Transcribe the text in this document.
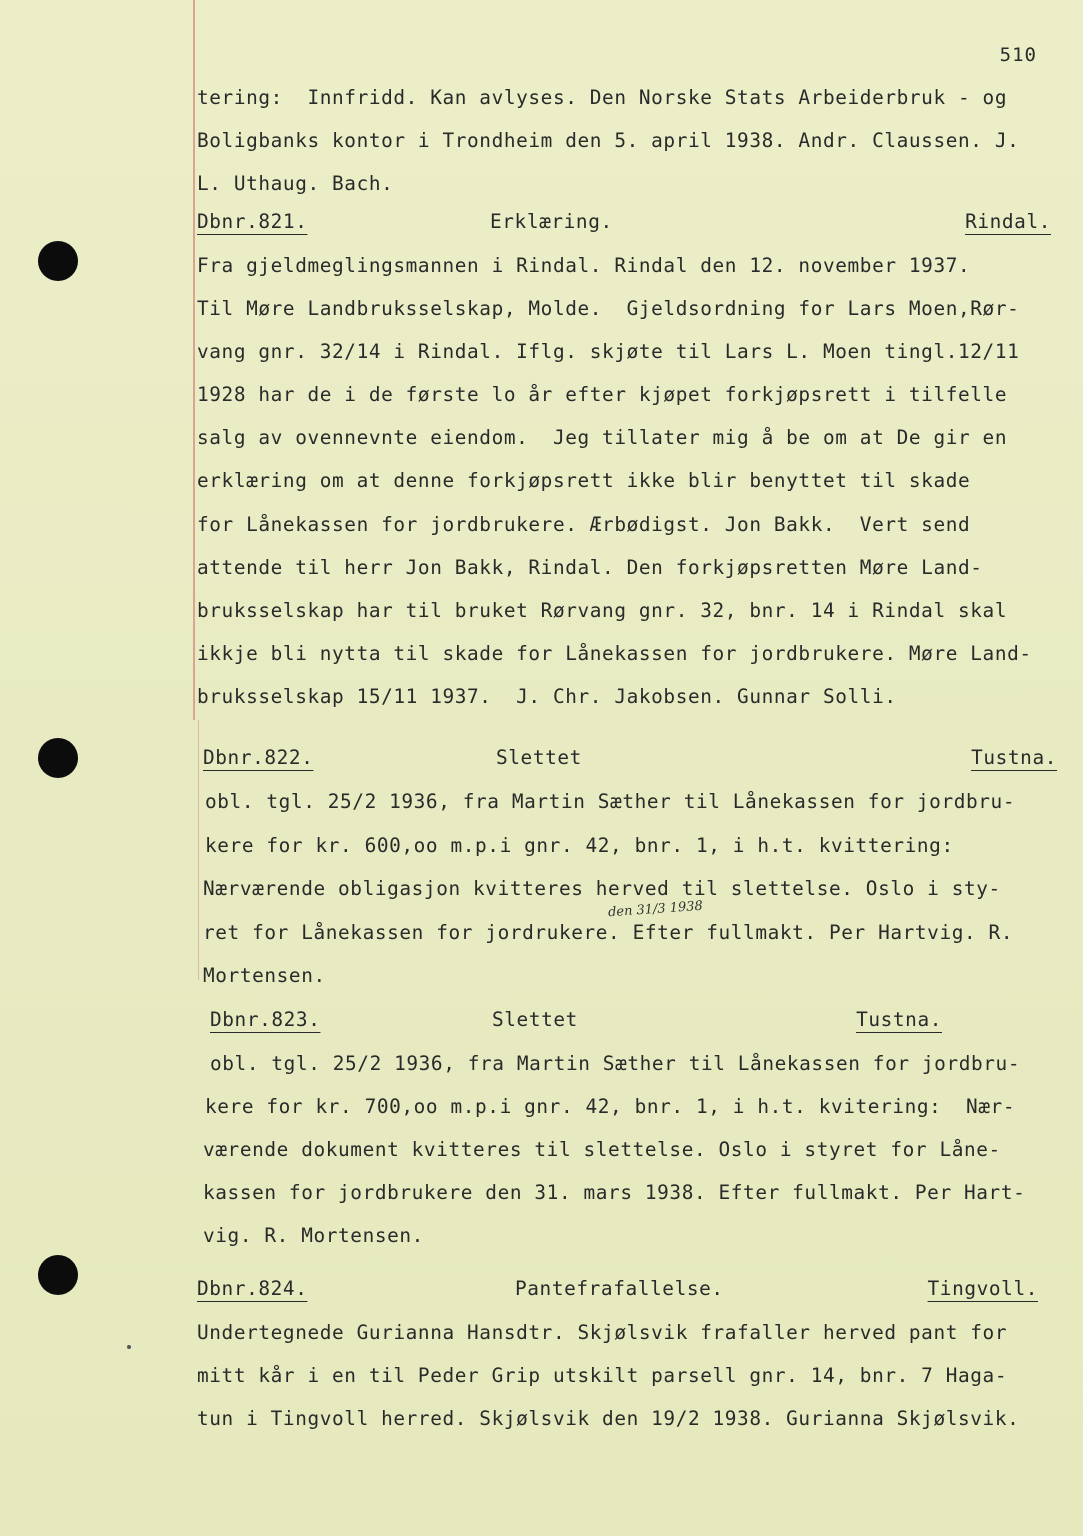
510
tering:  Innfridd. Kan avlyses. Den Norske Stats Arbeiderbruk - og
Boligbanks kontor i Trondheim den 5. april 1938. Andr. Claussen. J.
L. Uthaug. Bach.
Dbnr.821.	Erklæring.	Rindal.
Fra gjeldmeglingsmannen i Rindal. Rindal den 12. november 1937.
Til Møre Landbruksselskap, Molde.  Gjeldsordning for Lars Moen,Rør-
vang gnr. 32/14 i Rindal. Iflg. skjøte til Lars L. Moen tingl.12/11
1928 har de i de første lo år efter kjøpet forkjøpsrett i tilfelle
salg av ovennevnte eiendom.  Jeg tillater mig å be om at De gir en
erklæring om at denne forkjøpsrett ikke blir benyttet til skade
for Lånekassen for jordbrukere. Ærbødigst. Jon Bakk.  Vert send
attende til herr Jon Bakk, Rindal. Den forkjøpsretten Møre Land-
bruksselskap har til bruket Rørvang gnr. 32, bnr. 14 i Rindal skal
ikkje bli nytta til skade for Lånekassen for jordbrukere. Møre Land-
bruksselskap 15/11 1937.  J. Chr. Jakobsen. Gunnar Solli.
Dbnr.822.	Slettet	Tustna.
obl. tgl. 25/2 1936, fra Martin Sæther til Lånekassen for jordbru-
kere for kr. 600,oo m.p.i gnr. 42, bnr. 1, i h.t. kvittering:
Nærværende obligasjon kvitteres herved til slettelse. Oslo i sty-
ret for Lånekassen for jordrukere. Efter fullmakt. Per Hartvig. R.
Mortensen.
den 31/3 1938
Dbnr.823.	Slettet	Tustna.
obl. tgl. 25/2 1936, fra Martin Sæther til Lånekassen for jordbru-
kere for kr. 700,oo m.p.i gnr. 42, bnr. 1, i h.t. kvitering:  Nær-
værende dokument kvitteres til slettelse. Oslo i styret for Låne-
kassen for jordbrukere den 31. mars 1938. Efter fullmakt. Per Hart-
vig. R. Mortensen.
Dbnr.824.	Pantefrafallelse.	Tingvoll.
Undertegnede Gurianna Hansdtr. Skjølsvik frafaller herved pant for
mitt kår i en til Peder Grip utskilt parsell gnr. 14, bnr. 7 Haga-
tun i Tingvoll herred. Skjølsvik den 19/2 1938. Gurianna Skjølsvik.
